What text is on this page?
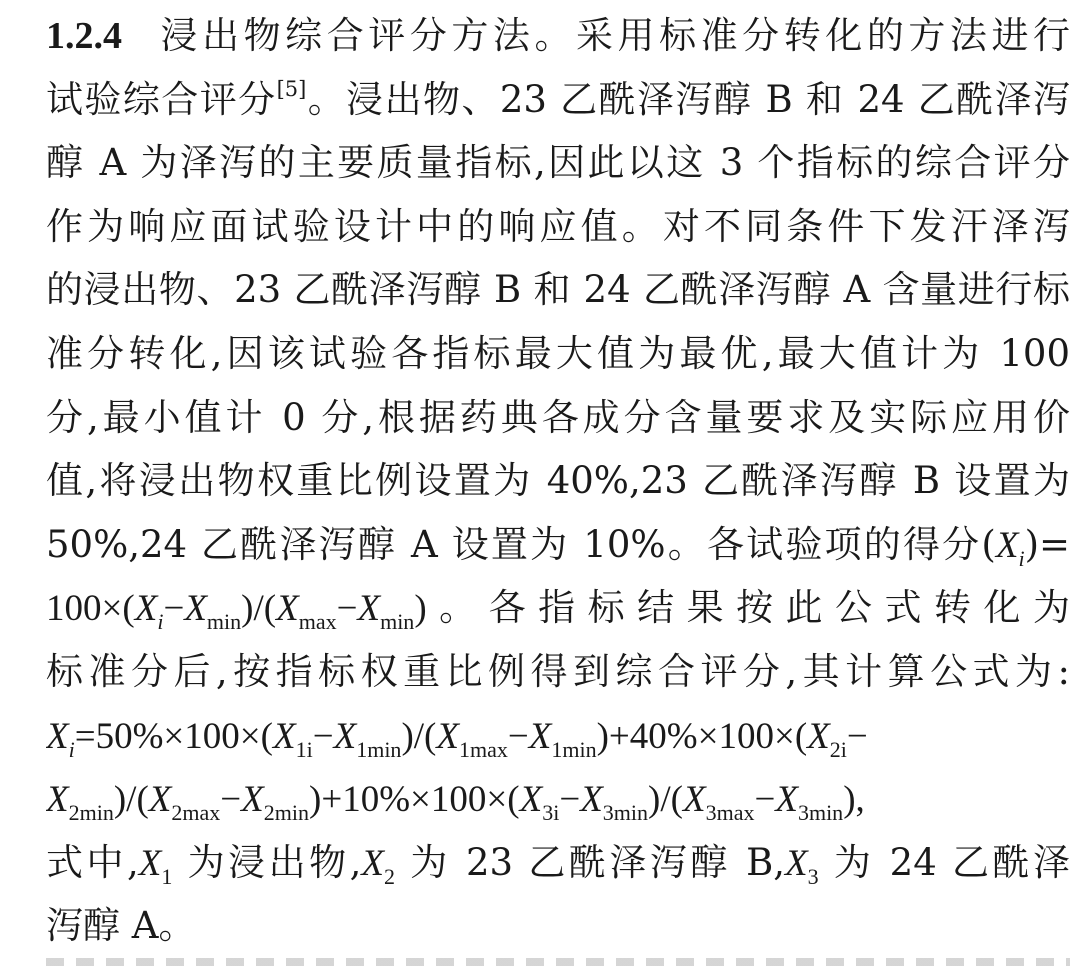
1.2.4 浸出物综合评分方法。采用标准分转化的方法进行
试验综合评分[5]。浸出物、23 乙酰泽泻醇 B 和 24 乙酰泽泻
醇 A 为泽泻的主要质量指标,因此以这 3 个指标的综合评分
作为响应面试验设计中的响应值。对不同条件下发汗泽泻
的浸出物、23 乙酰泽泻醇 B 和 24 乙酰泽泻醇 A 含量进行标
准分转化,因该试验各指标最大值为最优,最大值计为 100
分,最小值计 0 分,根据药典各成分含量要求及实际应用价
值,将浸出物权重比例设置为 40%,23 乙酰泽泻醇 B 设置为
50%,24 乙酰泽泻醇 A 设置为 10%。各试验项的得分$(X_i)=$
$100\times(X_i-X_{min})/(X_{max}-X_{min})$。各指标结果按此公式转化为
标准分后,按指标权重比例得到综合评分,其计算公式为:
$X_i=50\%\times 100\times(X_{1i}-X_{1min})/(X_{1max}-X_{1min})+40\%\times 100\times(X_{2i}-$
$X_{2min})/(X_{2max}-X_{2min})+10\%\times 100\times(X_{3i}-X_{3min})/(X_{3max}-X_{3min})$,
式中$,X_1$ 为浸出物$,X_2$ 为 23 乙酰泽泻醇 $B,X_3$ 为 24 乙酰泽
泻醇 A。
